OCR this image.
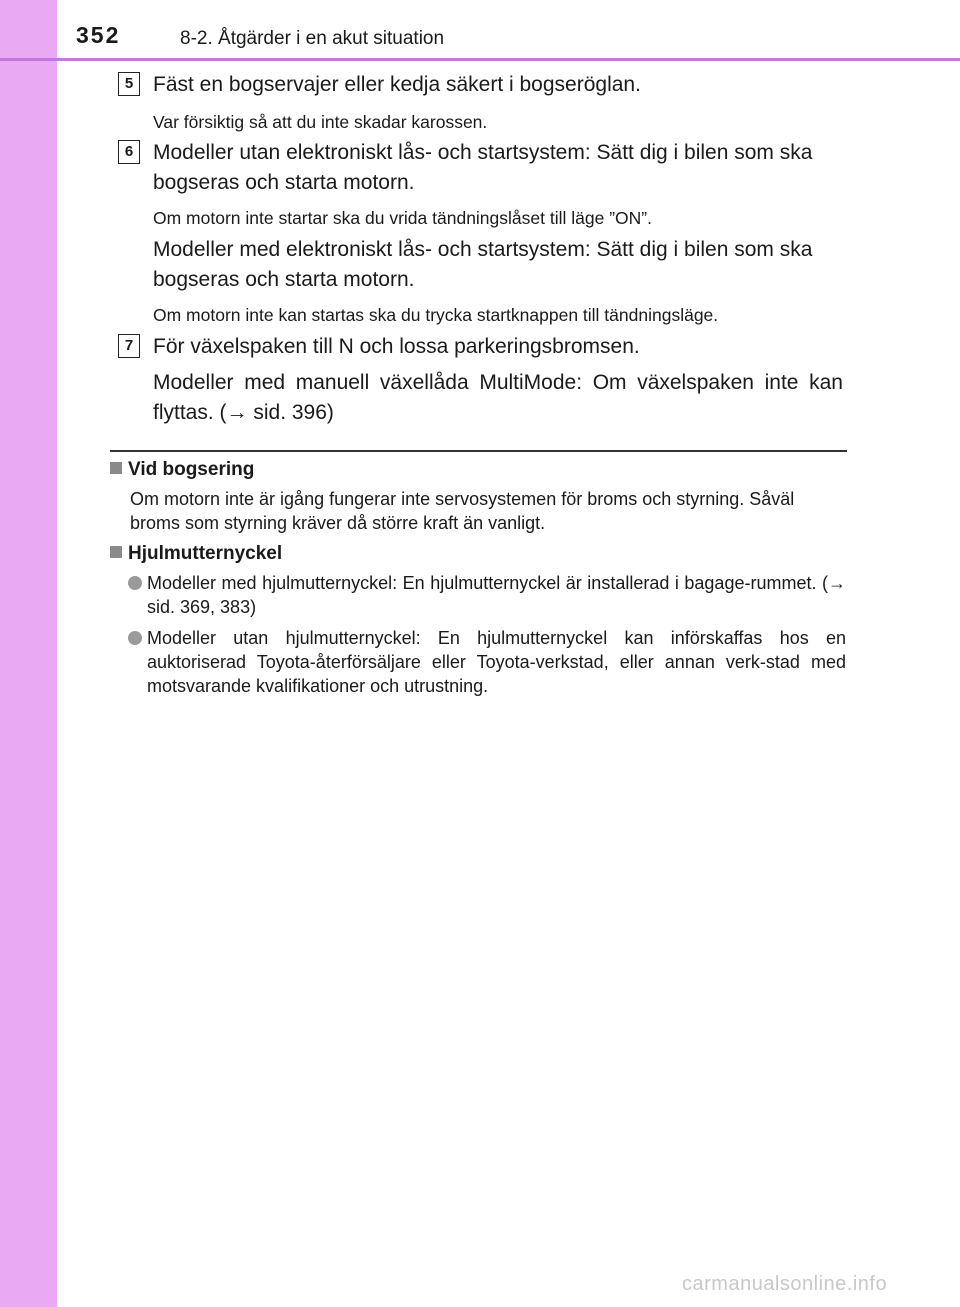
352	8-2. Åtgärder i en akut situation
5 Fäst en bogservajer eller kedja säkert i bogseröglan.
Var försiktig så att du inte skadar karossen.
6 Modeller utan elektroniskt lås- och startsystem: Sätt dig i bilen som ska bogseras och starta motorn.
Om motorn inte startar ska du vrida tändningslåset till läge ”ON”.
Modeller med elektroniskt lås- och startsystem: Sätt dig i bilen som ska bogseras och starta motorn.
Om motorn inte kan startas ska du trycka startknappen till tändningsläge.
7 För växelspaken till N och lossa parkeringsbromsen.
Modeller med manuell växellåda MultiMode: Om växelspaken inte kan flyttas. (→ sid. 396)
Vid bogsering
Om motorn inte är igång fungerar inte servosystemen för broms och styrning. Såväl broms som styrning kräver då större kraft än vanligt.
Hjulmutternyckel
Modeller med hjulmutternyckel: En hjulmutternyckel är installerad i bagage-rummet. (→ sid. 369, 383)
Modeller utan hjulmutternyckel: En hjulmutternyckel kan införskaffas hos en auktoriserad Toyota-återförsäljare eller Toyota-verkstad, eller annan verk-stad med motsvarande kvalifikationer och utrustning.
carmanualsonline.info
